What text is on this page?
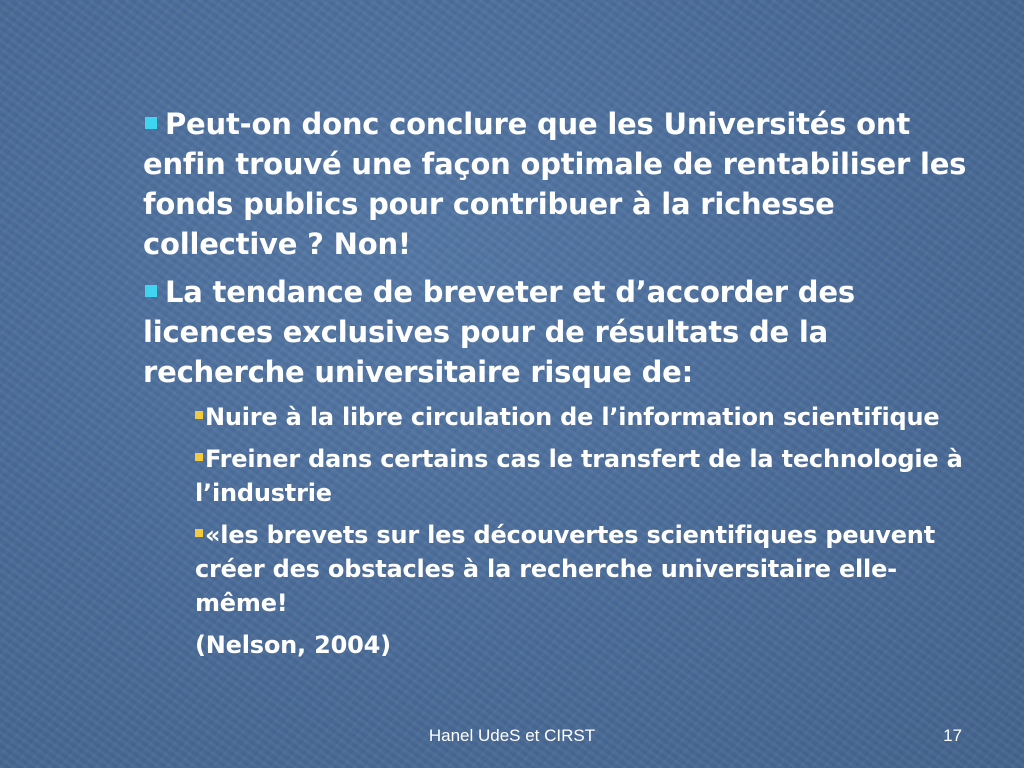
Peut-on donc conclure que les Universités ont enfin trouvé une façon optimale de rentabiliser les fonds publics pour contribuer à la richesse collective ? Non!

La tendance de breveter et d’accorder des licences exclusives pour de résultats de la recherche universitaire risque de:

Nuire à la libre circulation de l’information scientifique

Freiner dans certains cas le transfert de la technologie à l’industrie

«les brevets sur les découvertes scientifiques peuvent créer des obstacles à la recherche universitaire elle-même!

(Nelson, 2004)

Hanel UdeS et CIRST	17
